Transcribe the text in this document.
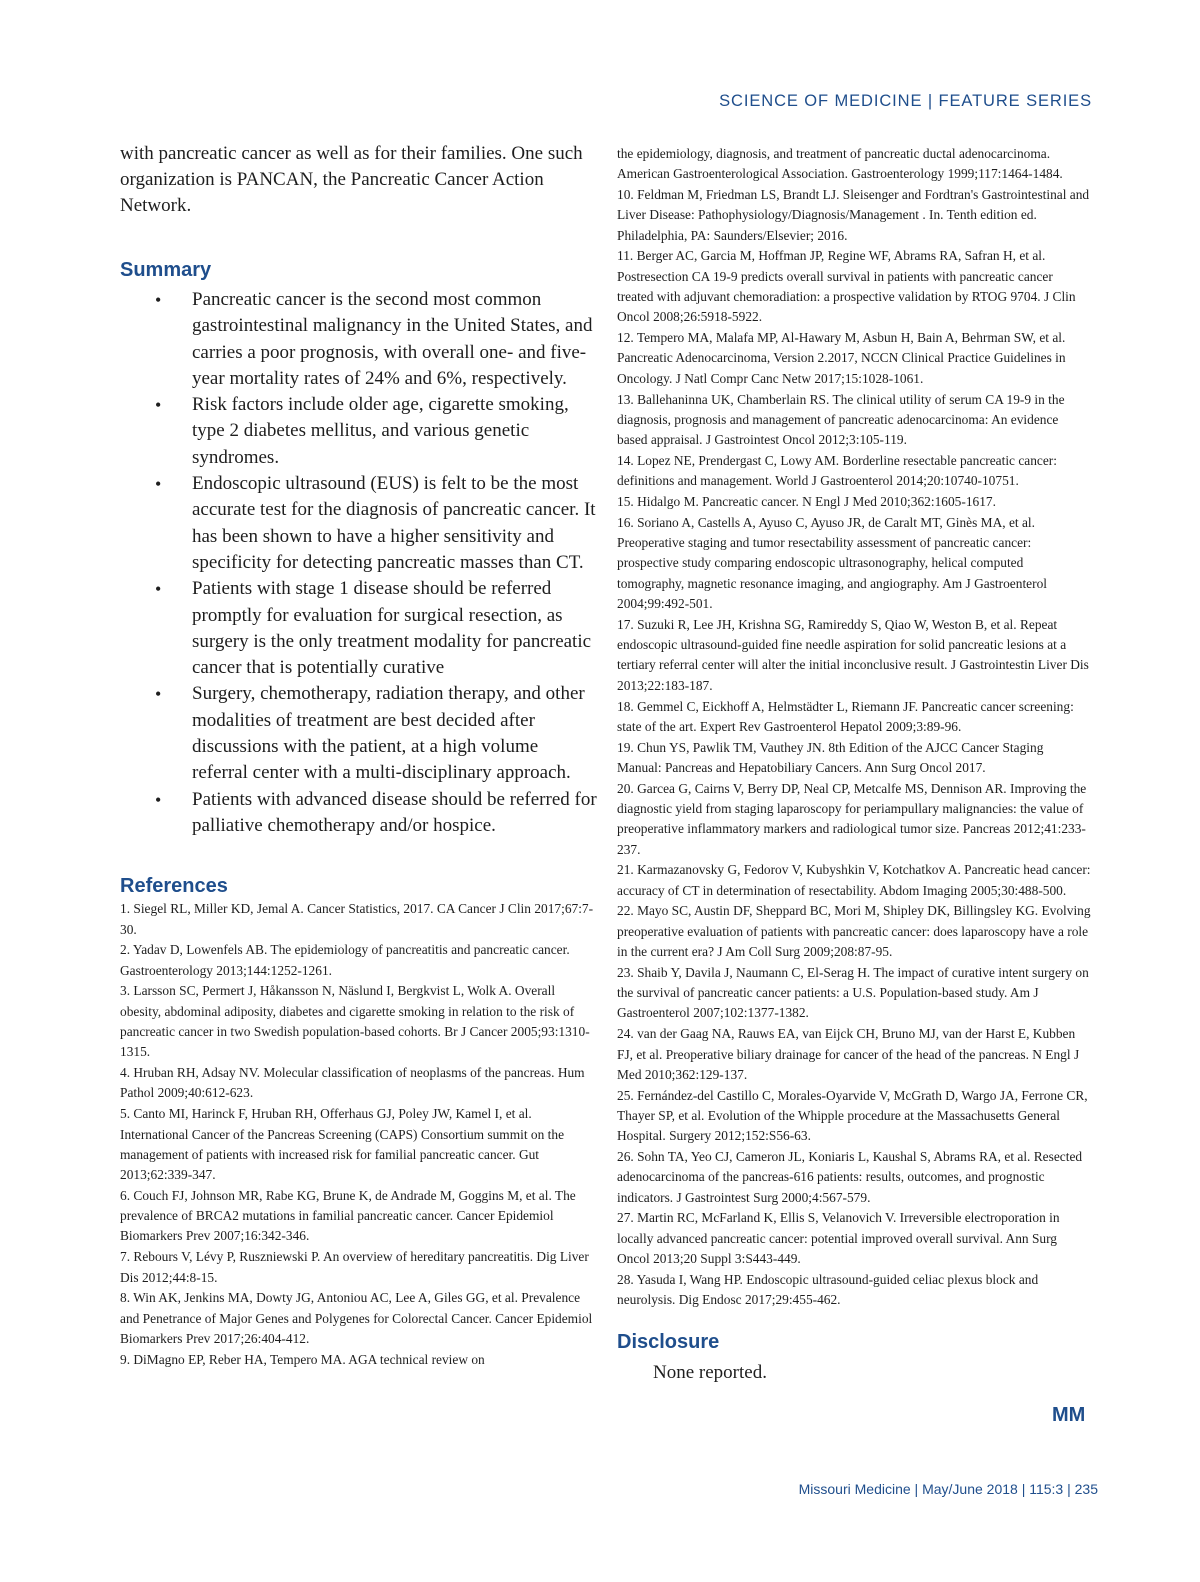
SCIENCE OF MEDICINE | FEATURE SERIES

with pancreatic cancer as well as for their families. One such organization is PANCAN, the Pancreatic Cancer Action Network.

Summary
• Pancreatic cancer is the second most common gastrointestinal malignancy in the United States, and carries a poor prognosis, with overall one- and five-year mortality rates of 24% and 6%, respectively.
• Risk factors include older age, cigarette smoking, type 2 diabetes mellitus, and various genetic syndromes.
• Endoscopic ultrasound (EUS) is felt to be the most accurate test for the diagnosis of pancreatic cancer. It has been shown to have a higher sensitivity and specificity for detecting pancreatic masses than CT.
• Patients with stage 1 disease should be referred promptly for evaluation for surgical resection, as surgery is the only treatment modality for pancreatic cancer that is potentially curative
• Surgery, chemotherapy, radiation therapy, and other modalities of treatment are best decided after discussions with the patient, at a high volume referral center with a multi-disciplinary approach.
• Patients with advanced disease should be referred for palliative chemotherapy and/or hospice.
References
1. Siegel RL, Miller KD, Jemal A. Cancer Statistics, 2017. CA Cancer J Clin 2017;67:7-30.
2. Yadav D, Lowenfels AB. The epidemiology of pancreatitis and pancreatic cancer. Gastroenterology 2013;144:1252-1261.
3. Larsson SC, Permert J, Håkansson N, Näslund I, Bergkvist L, Wolk A. Overall obesity, abdominal adiposity, diabetes and cigarette smoking in relation to the risk of pancreatic cancer in two Swedish population-based cohorts. Br J Cancer 2005;93:1310-1315.
4. Hruban RH, Adsay NV. Molecular classification of neoplasms of the pancreas. Hum Pathol 2009;40:612-623.
5. Canto MI, Harinck F, Hruban RH, Offerhaus GJ, Poley JW, Kamel I, et al. International Cancer of the Pancreas Screening (CAPS) Consortium summit on the management of patients with increased risk for familial pancreatic cancer. Gut 2013;62:339-347.
6. Couch FJ, Johnson MR, Rabe KG, Brune K, de Andrade M, Goggins M, et al. The prevalence of BRCA2 mutations in familial pancreatic cancer. Cancer Epidemiol Biomarkers Prev 2007;16:342-346.
7. Rebours V, Lévy P, Ruszniewski P. An overview of hereditary pancreatitis. Dig Liver Dis 2012;44:8-15.
8. Win AK, Jenkins MA, Dowty JG, Antoniou AC, Lee A, Giles GG, et al. Prevalence and Penetrance of Major Genes and Polygenes for Colorectal Cancer. Cancer Epidemiol Biomarkers Prev 2017;26:404-412.
9. DiMagno EP, Reber HA, Tempero MA. AGA technical review on
the epidemiology, diagnosis, and treatment of pancreatic ductal adenocarcinoma. American Gastroenterological Association. Gastroenterology 1999;117:1464-1484.
10. Feldman M, Friedman LS, Brandt LJ. Sleisenger and Fordtran's Gastrointestinal and Liver Disease: Pathophysiology/Diagnosis/Management . In. Tenth edition ed. Philadelphia, PA: Saunders/Elsevier; 2016.
11. Berger AC, Garcia M, Hoffman JP, Regine WF, Abrams RA, Safran H, et al. Postresection CA 19-9 predicts overall survival in patients with pancreatic cancer treated with adjuvant chemoradiation: a prospective validation by RTOG 9704. J Clin Oncol 2008;26:5918-5922.
12. Tempero MA, Malafa MP, Al-Hawary M, Asbun H, Bain A, Behrman SW, et al. Pancreatic Adenocarcinoma, Version 2.2017, NCCN Clinical Practice Guidelines in Oncology. J Natl Compr Canc Netw 2017;15:1028-1061.
13. Ballehaninna UK, Chamberlain RS. The clinical utility of serum CA 19-9 in the diagnosis, prognosis and management of pancreatic adenocarcinoma: An evidence based appraisal. J Gastrointest Oncol 2012;3:105-119.
14. Lopez NE, Prendergast C, Lowy AM. Borderline resectable pancreatic cancer: definitions and management. World J Gastroenterol 2014;20:10740-10751.
15. Hidalgo M. Pancreatic cancer. N Engl J Med 2010;362:1605-1617.
16. Soriano A, Castells A, Ayuso C, Ayuso JR, de Caralt MT, Ginès MA, et al. Preoperative staging and tumor resectability assessment of pancreatic cancer: prospective study comparing endoscopic ultrasonography, helical computed tomography, magnetic resonance imaging, and angiography. Am J Gastroenterol 2004;99:492-501.
17. Suzuki R, Lee JH, Krishna SG, Ramireddy S, Qiao W, Weston B, et al. Repeat endoscopic ultrasound-guided fine needle aspiration for solid pancreatic lesions at a tertiary referral center will alter the initial inconclusive result. J Gastrointestin Liver Dis 2013;22:183-187.
18. Gemmel C, Eickhoff A, Helmstädter L, Riemann JF. Pancreatic cancer screening: state of the art. Expert Rev Gastroenterol Hepatol 2009;3:89-96.
19. Chun YS, Pawlik TM, Vauthey JN. 8th Edition of the AJCC Cancer Staging Manual: Pancreas and Hepatobiliary Cancers. Ann Surg Oncol 2017.
20. Garcea G, Cairns V, Berry DP, Neal CP, Metcalfe MS, Dennison AR. Improving the diagnostic yield from staging laparoscopy for periampullary malignancies: the value of preoperative inflammatory markers and radiological tumor size. Pancreas 2012;41:233-237.
21. Karmazanovsky G, Fedorov V, Kubyshkin V, Kotchatkov A. Pancreatic head cancer: accuracy of CT in determination of resectability. Abdom Imaging 2005;30:488-500.
22. Mayo SC, Austin DF, Sheppard BC, Mori M, Shipley DK, Billingsley KG. Evolving preoperative evaluation of patients with pancreatic cancer: does laparoscopy have a role in the current era? J Am Coll Surg 2009;208:87-95.
23. Shaib Y, Davila J, Naumann C, El-Serag H. The impact of curative intent surgery on the survival of pancreatic cancer patients: a U.S. Population-based study. Am J Gastroenterol 2007;102:1377-1382.
24. van der Gaag NA, Rauws EA, van Eijck CH, Bruno MJ, van der Harst E, Kubben FJ, et al. Preoperative biliary drainage for cancer of the head of the pancreas. N Engl J Med 2010;362:129-137.
25. Fernández-del Castillo C, Morales-Oyarvide V, McGrath D, Wargo JA, Ferrone CR, Thayer SP, et al. Evolution of the Whipple procedure at the Massachusetts General Hospital. Surgery 2012;152:S56-63.
26. Sohn TA, Yeo CJ, Cameron JL, Koniaris L, Kaushal S, Abrams RA, et al. Resected adenocarcinoma of the pancreas-616 patients: results, outcomes, and prognostic indicators. J Gastrointest Surg 2000;4:567-579.
27. Martin RC, McFarland K, Ellis S, Velanovich V. Irreversible electroporation in locally advanced pancreatic cancer: potential improved overall survival. Ann Surg Oncol 2013;20 Suppl 3:S443-449.
28. Yasuda I, Wang HP. Endoscopic ultrasound-guided celiac plexus block and neurolysis. Dig Endosc 2017;29:455-462.
Disclosure

None reported.

MM
Missouri Medicine | May/June 2018 | 115:3 | 235
